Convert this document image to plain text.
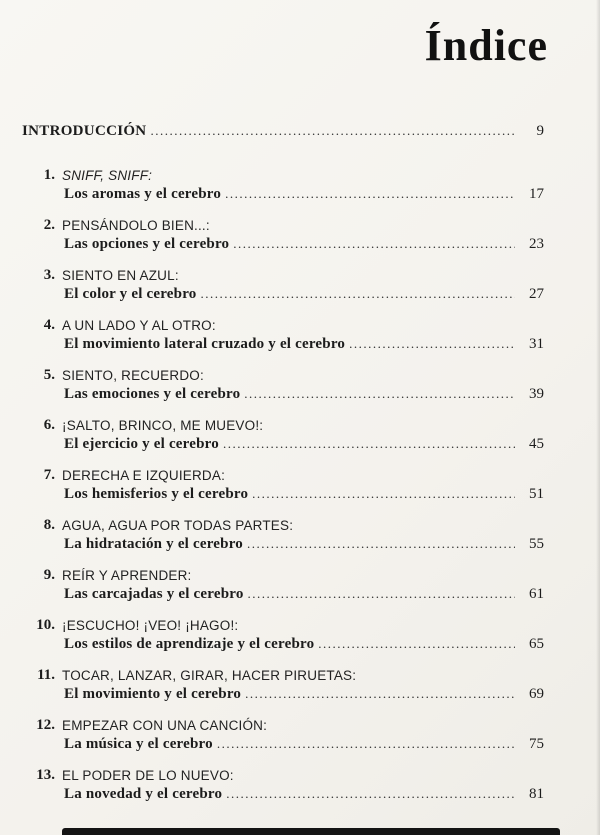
Índice
INTRODUCCIÓN .....	9
1. SNIFF, SNIFF:
Los aromas y el cerebro .....	17
2. PENSÁNDOLO BIEN...:
Las opciones y el cerebro .....	23
3. SIENTO EN AZUL:
El color y el cerebro .....	27
4. A UN LADO Y AL OTRO:
El movimiento lateral cruzado y el cerebro .....	31
5. SIENTO, RECUERDO:
Las emociones y el cerebro .....	39
6. ¡SALTO, BRINCO, ME MUEVO!:
El ejercicio y el cerebro .....	45
7. DERECHA E IZQUIERDA:
Los hemisferios y el cerebro .....	51
8. AGUA, AGUA POR TODAS PARTES:
La hidratación y el cerebro .....	55
9. REÍR Y APRENDER:
Las carcajadas y el cerebro .....	61
10. ¡ESCUCHO! ¡VEO! ¡HAGO!:
Los estilos de aprendizaje y el cerebro .....	65
11. TOCAR, LANZAR, GIRAR, HACER PIRUETAS:
El movimiento y el cerebro .....	69
12. EMPEZAR CON UNA CANCIÓN:
La música y el cerebro .....	75
13. EL PODER DE LO NUEVO:
La novedad y el cerebro .....	81
